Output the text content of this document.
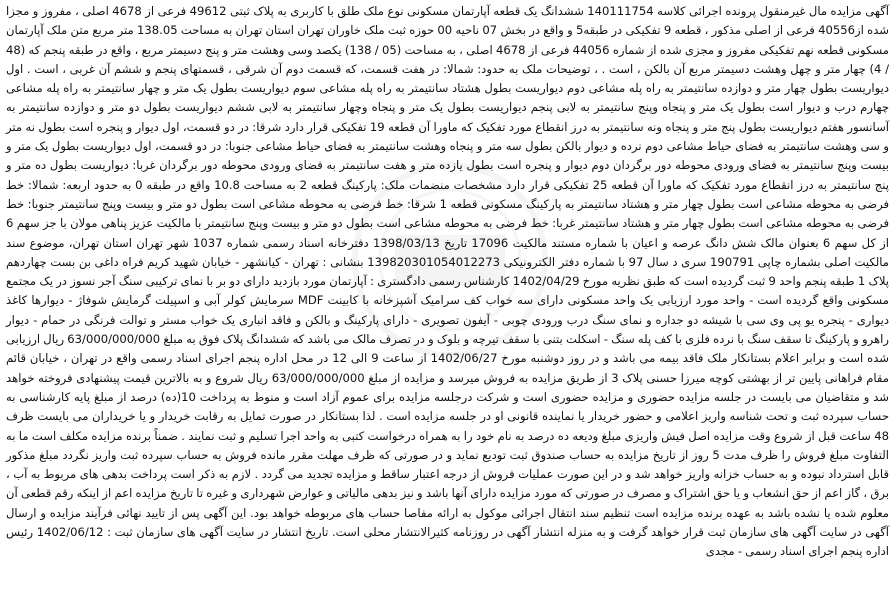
آگهی مزایده مال غیرمنقول پرونده اجرائی کلاسه 140111754 ششدانگ یک قطعه آپارتمان مسکونی نوع ملک طلق با کاربری به پلاک ثبتی 49612 فرعی از 4678 اصلی ، مفروز و مجزا شده از40556 فرعی از اصلی مذکور ، قطعه 9 تفکیکی در طبقه5 و واقع در بخش 07 ناحیه 00 حوزه ثبت ملک خاوران تهران استان تهران به مساحت 138.05 متر مربع متن ملک آپارتمان مسکونی قطعه نهم تفکیکی مفروز و مجزی شده از شماره 44056 فرعی از 4678 اصلی ، به مساحت (05 / 138) یکصد وسی وهشت متر و پنج دسیمتر مربع ، واقع در طبقه پنجم که (48 / 4) چهار متر و چهل وهشت دسیمتر مربع آن بالکن ، است . ، توضیحات ملک به حدود: شمالا: در هفت قسمت، که قسمت دوم آن شرقی ، قسمتهای پنجم و ششم آن غربی ، است . اول دیواریست بطول چهار متر و دوازده سانتیمتر به راه پله مشاعی دوم دیواریست بطول هشتاد سانتیمتر به راه پله مشاعی سوم دیواریست بطول یک متر و چهار سانتیمتر به راه پله مشاعی چهارم درب و دیوار است بطول یک متر و پنجاه وپنج سانتیمتر به لابی پنجم دیواریست بطول یک متر و پنجاه وچهار سانتیمتر به لابی ششم دیواریست بطول دو متر و دوازده سانتیمتر به آسانسور هفتم دیواریست بطول پنج متر و پنجاه ونه سانتیمتر به درز انقطاع مورد تفکیک که ماورا آن قطعه 19 تفکیکی قرار دارد شرقا: در دو قسمت، اول دیوار و پنجره است بطول نه متر و سی وهشت سانتیمتر به فضای حیاط مشاعی دوم نرده و دیوار بالکن بطول سه متر و پنجاه وهشت سانتیمتر به فضای حیاط مشاعی جنوبا: در دو قسمت، اول دیواریست بطول یک متر و بیست وپنج سانتیمتر به فضای ورودی محوطه دور برگردان دوم دیوار و پنجره است بطول یازده متر و هفت سانتیمتر به فضای ورودی محوطه دور برگردان غربا: دیواریست بطول ده متر و پنج سانتیمتر به درز انقطاع مورد تفکیک که ماورا آن قطعه 25 تفکیکی قرار دارد مشخصات منضمات ملک: پارکینگ قطعه 2 به مساحت 10.8 واقع در طبقه 0 به حدود اربعه: شمالا: خط فرضی به محوطه مشاعی است بطول چهار متر و هشتاد سانتیمتر به پارکینگ مسکونی قطعه 1 شرقا: خط فرضی به محوطه مشاعی است بطول دو متر و بیست وپنج سانتیمتر جنوبا: خط فرضی به محوطه مشاعی است بطول چهار متر و هشتاد سانتیمتر غربا: خط فرضی به محوطه مشاعی است بطول دو متر و بیست وپنج سانتیمتر با مالکیت عزیز پناهی مولان با جز سهم 6 از کل سهم 6 بعنوان مالک شش دانگ عرصه و اعیان با شماره مستند مالکیت 17096 تاریخ 1398/03/13 دفترخانه اسناد رسمی شماره 1037 شهر تهران استان تهران، موضوع سند مالکیت اصلی بشماره چاپی 190791 سری د سال 97 با شماره دفتر الکترونیکی 139820301054012273 بنشانی : تهران - کیانشهر - خیابان شهید کریم فراه داغی بن بست چهاردهم پلاک 1 طبقه پنجم واحد 9 ثبت گردیده است که طبق نظریه مورخ 1402/04/29 کارشناس رسمی دادگستری : آپارتمان مورد بازدید دارای دو بر با نمای ترکیبی سنگ آجر نسوز در یک مجتمع مسکونی واقع گردیده است - واحد مورد ارزیابی یک واحد مسکونی دارای سه خواب کف سرامیک آشپزخانه با کابینت MDF سرمایش کولر آبی و اسپیلت گرمایش شوفاژ - دیوارها کاغذ دیواری - پنجره یو پی وی سی با شیشه دو جداره و نمای سنگ درب ورودی چوبی - آیفون تصویری - دارای پارکینگ و بالکن و فاقد انباری یک خواب مستر و توالت فرنگی در حمام - دیوار راهرو و پارکینگ تا سقف سنگ با نرده فلزی با کف پله سنگ - اسکلت بتنی با سقف تیرچه و بلوک و در تصرف مالک می باشد که ششدانگ پلاک فوق به مبلغ 63/000/000/000 ریال ارزیابی شده است و برابر اعلام بستانکار ملک فاقد بیمه می باشد و در روز دوشنبه مورخ 1402/06/27 از ساعت 9 الی 12 در محل اداره پنجم اجرای اسناد رسمی واقع در تهران ، خیابان قائم مقام فراهانی پایین تر از بهشتی کوچه میرزا حسنی پلاک 3 از طریق مزایده به فروش میرسد و مزایده از مبلغ 63/000/000/000 ریال شروع و به بالاترین قیمت پیشنهادی فروخته خواهد شد و متقاضیان می بایست در جلسه مزایده حضوری و مزایده حضوری است و شرکت درجلسه مزایده برای عموم آزاد است و منوط به پرداخت 10(ده) درصد از مبلغ پایه کارشناسی به حساب سپرده ثبت و تحت شناسه واریز اعلامی و حضور خریدار یا نماینده قانونی او در جلسه مزایده است . لذا بستانکار در صورت تمایل به رقابت خریدار و یا خریداران می بایست ظرف 48 ساعت قبل از شروع وقت مزایده اصل فیش واریزی مبلغ ودیعه ده درصد به نام خود را به همراه درخواست کتبی به واحد اجرا تسلیم و ثبت نمایند . ضمناً برنده مزایده مکلف است ما به التفاوت مبلغ فروش را ظرف مدت 5 روز از تاریخ مزایده به حساب صندوق ثبت تودیع نماید و در صورتی که ظرف مهلت مقرر مانده فروش به حساب سپرده ثبت واریز نگردد مبلغ مذکور قابل استرداد نبوده و به حساب خزانه واریز خواهد شد و در این صورت عملیات فروش از درجه اعتبار ساقط و مزایده تجدید می گردد . لازم به ذکر است پرداخت بدهی های مربوط به آب ، برق ، گاز اعم از حق انشعاب و یا حق اشتراک و مصرف در صورتی که مورد مزایده دارای آنها باشد و نیز بدهی مالیاتی و عوارض شهرداری و غیره تا تاریخ مزایده اعم از اینکه رقم قطعی آن معلوم شده یا نشده باشد به عهده برنده مزایده است تنظیم سند انتقال اجرائی موکول به ارائه مفاصا حساب های مربوطه خواهد بود. این آگهی پس از تایید نهائی فرآیند مزایده و ارسال آگهی در سایت آگهی های سازمان ثبت قرار خواهد گرفت و به منزله انتشار آگهی در روزنامه کثیرالانتشار محلی است. تاریخ انتشار در سایت آگهی های سازمان ثبت : 1402/06/12 رئیس اداره پنجم اجرای اسناد رسمی - مجدی
